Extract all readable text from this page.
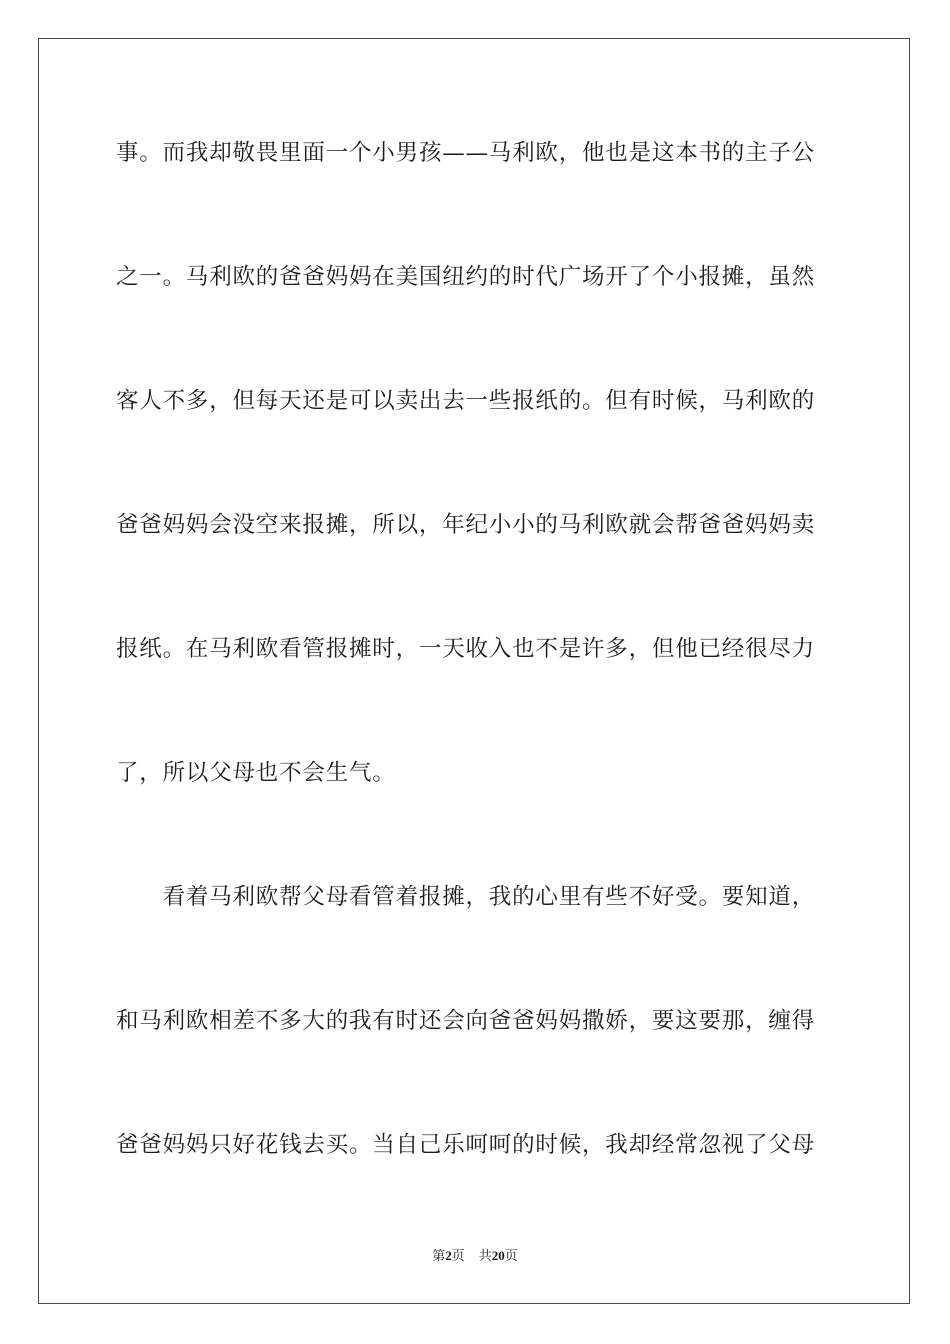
事。而我却敬畏里面一个小男孩——马利欧，他也是这本书的主子公
之一。马利欧的爸爸妈妈在美国纽约的时代广场开了个小报摊，虽然
客人不多，但每天还是可以卖出去一些报纸的。但有时候，马利欧的
爸爸妈妈会没空来报摊，所以，年纪小小的马利欧就会帮爸爸妈妈卖
报纸。在马利欧看管报摊时，一天收入也不是许多，但他已经很尽力
了，所以父母也不会生气。
　　看着马利欧帮父母看管着报摊，我的心里有些不好受。要知道，
和马利欧相差不多大的我有时还会向爸爸妈妈撒娇，要这要那，缠得
爸爸妈妈只好花钱去买。当自己乐呵呵的时候，我却经常忽视了父母
第2页 共20页
